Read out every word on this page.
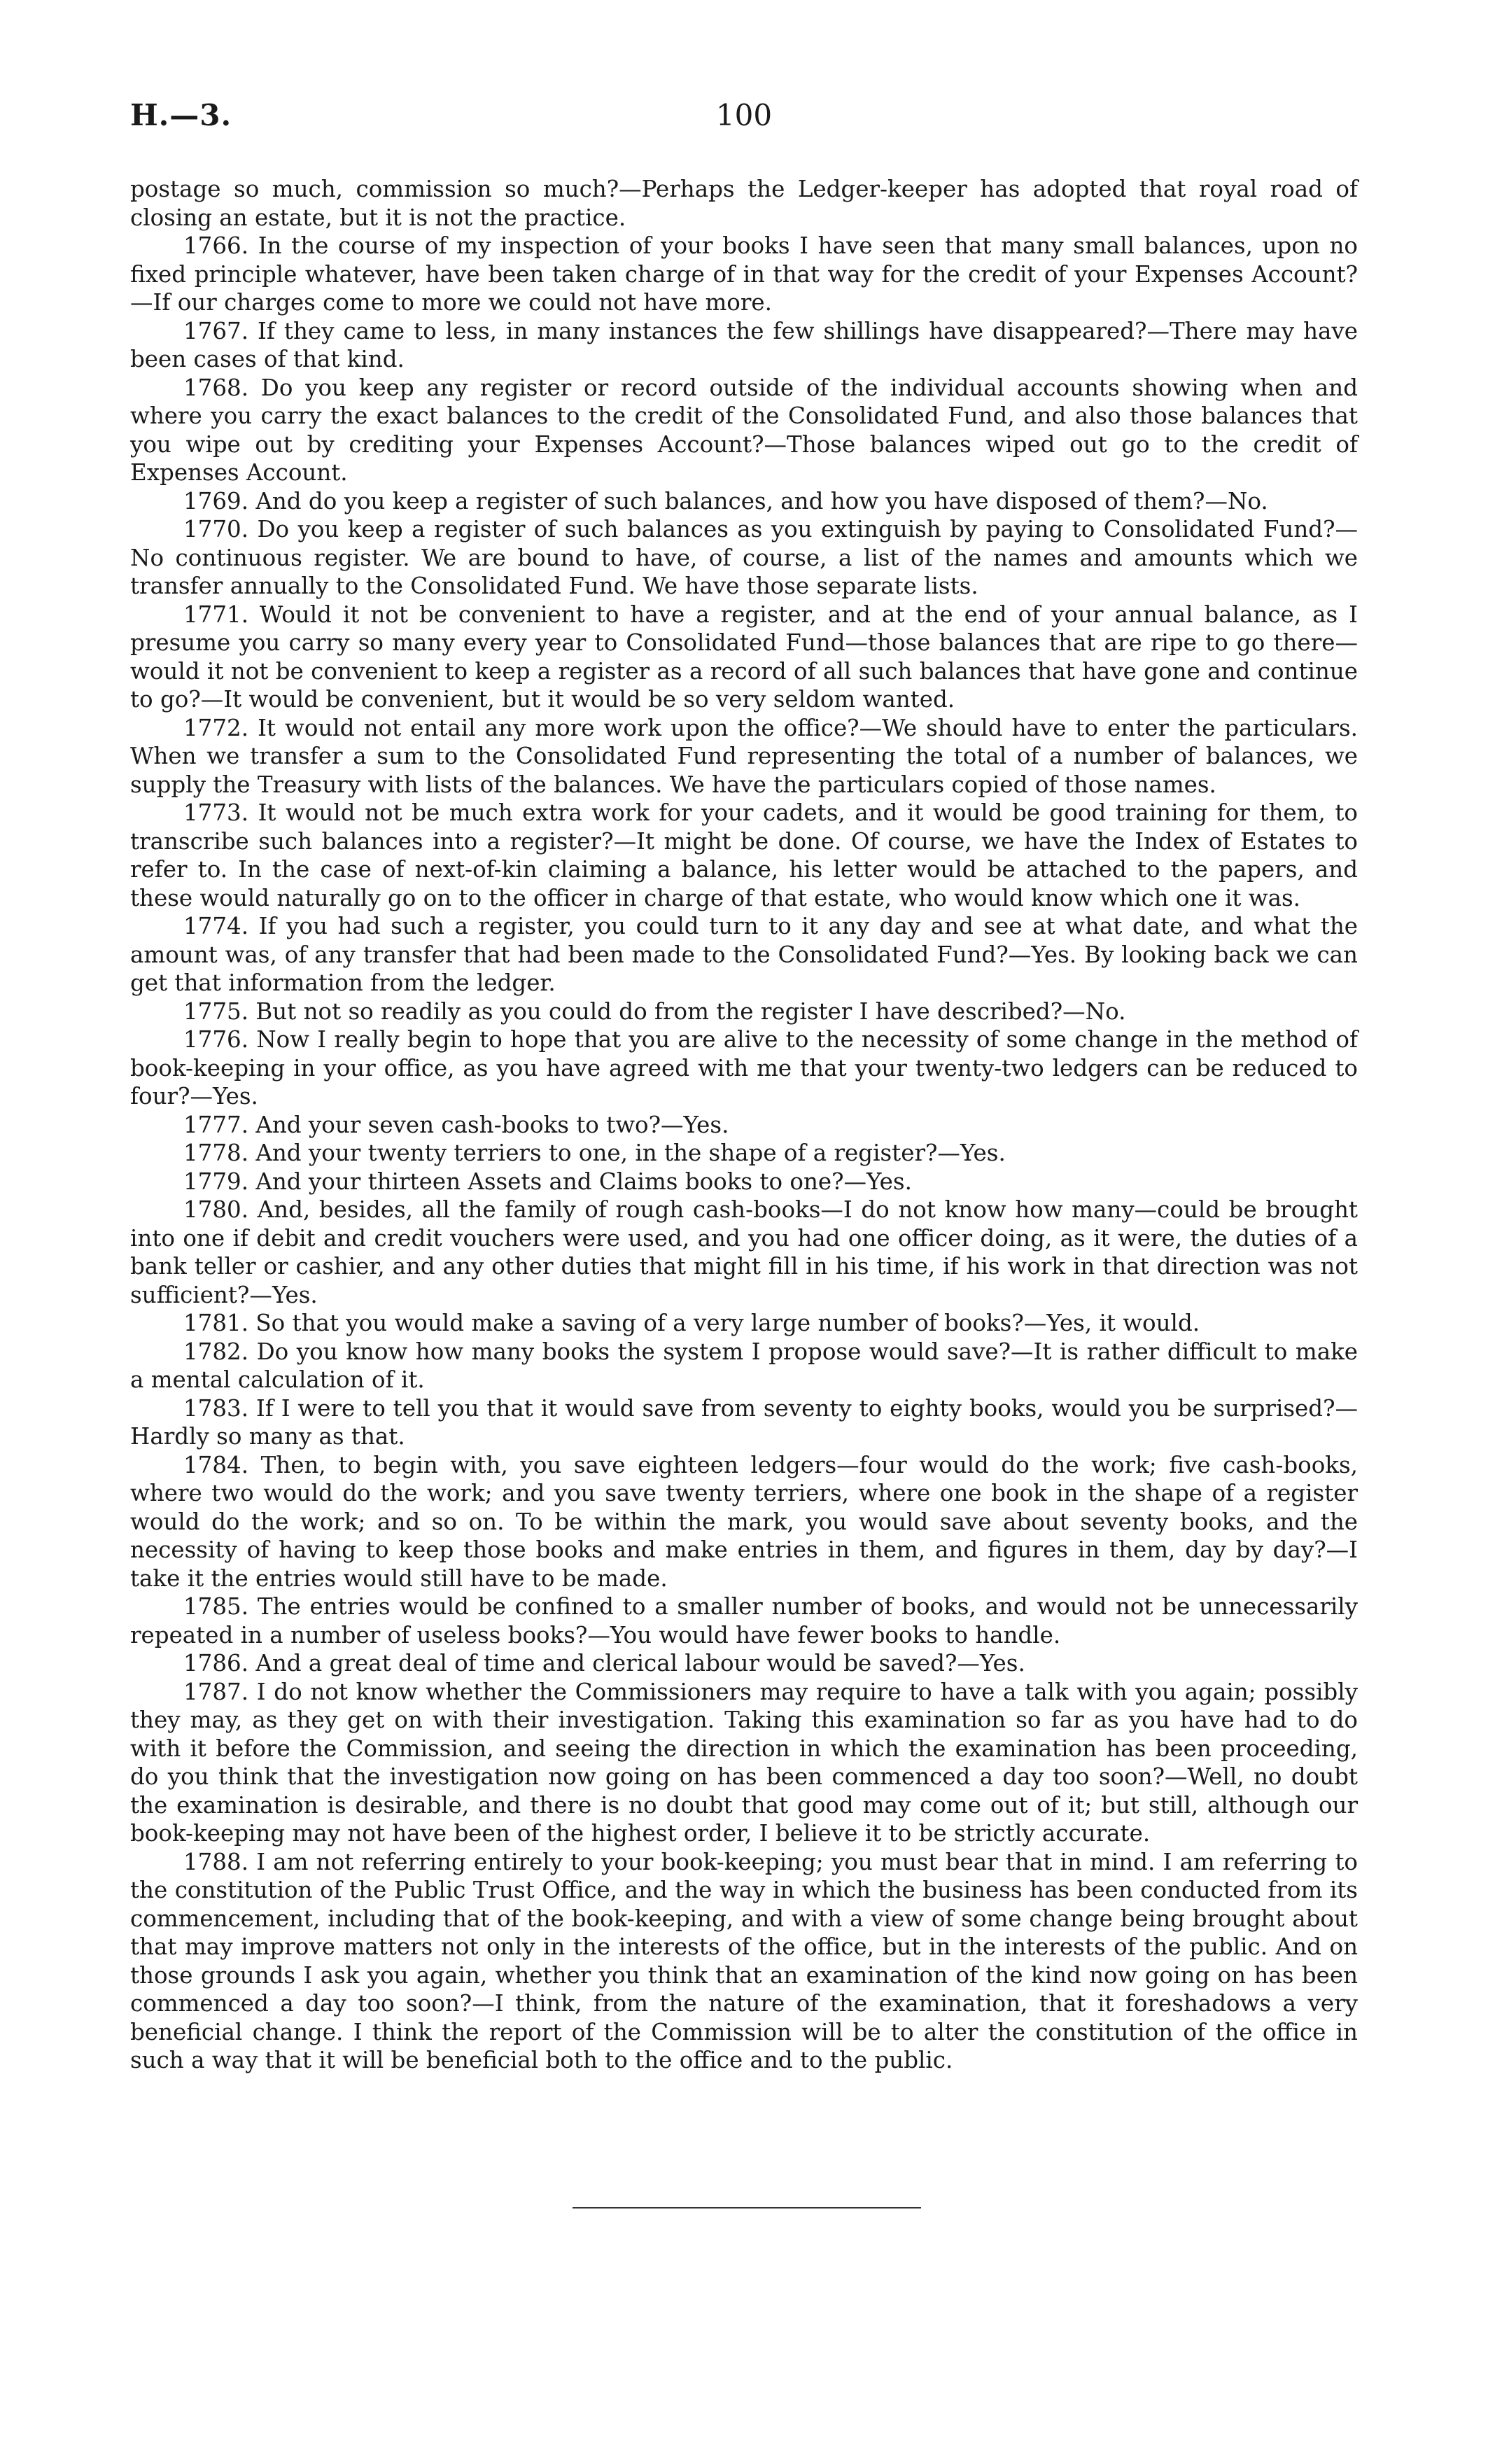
H.—3.	100

postage so much, commission so much?—Perhaps the Ledger-keeper has adopted that royal road of closing an estate, but it is not the practice.

1766. In the course of my inspection of your books I have seen that many small balances, upon no fixed principle whatever, have been taken charge of in that way for the credit of your Expenses Account?—If our charges come to more we could not have more.

1767. If they came to less, in many instances the few shillings have disappeared?—There may have been cases of that kind.

1768. Do you keep any register or record outside of the individual accounts showing when and where you carry the exact balances to the credit of the Consolidated Fund, and also those balances that you wipe out by crediting your Expenses Account?—Those balances wiped out go to the credit of Expenses Account.

1769. And do you keep a register of such balances, and how you have disposed of them?—No.

1770. Do you keep a register of such balances as you extinguish by paying to Consolidated Fund?—No continuous register. We are bound to have, of course, a list of the names and amounts which we transfer annually to the Consolidated Fund. We have those separate lists.

1771. Would it not be convenient to have a register, and at the end of your annual balance, as I presume you carry so many every year to Consolidated Fund—those balances that are ripe to go there—would it not be convenient to keep a register as a record of all such balances that have gone and continue to go?—It would be convenient, but it would be so very seldom wanted.

1772. It would not entail any more work upon the office?—We should have to enter the particulars. When we transfer a sum to the Consolidated Fund representing the total of a number of balances, we supply the Treasury with lists of the balances. We have the particulars copied of those names.

1773. It would not be much extra work for your cadets, and it would be good training for them, to transcribe such balances into a register?—It might be done. Of course, we have the Index of Estates to refer to. In the case of next-of-kin claiming a balance, his letter would be attached to the papers, and these would naturally go on to the officer in charge of that estate, who would know which one it was.

1774. If you had such a register, you could turn to it any day and see at what date, and what the amount was, of any transfer that had been made to the Consolidated Fund?—Yes. By looking back we can get that information from the ledger.

1775. But not so readily as you could do from the register I have described?—No.

1776. Now I really begin to hope that you are alive to the necessity of some change in the method of book-keeping in your office, as you have agreed with me that your twenty-two ledgers can be reduced to four?—Yes.

1777. And your seven cash-books to two?—Yes.

1778. And your twenty terriers to one, in the shape of a register?—Yes.

1779. And your thirteen Assets and Claims books to one?—Yes.

1780. And, besides, all the family of rough cash-books—I do not know how many—could be brought into one if debit and credit vouchers were used, and you had one officer doing, as it were, the duties of a bank teller or cashier, and any other duties that might fill in his time, if his work in that direction was not sufficient?—Yes.

1781. So that you would make a saving of a very large number of books?—Yes, it would.

1782. Do you know how many books the system I propose would save?—It is rather difficult to make a mental calculation of it.

1783. If I were to tell you that it would save from seventy to eighty books, would you be surprised?—Hardly so many as that.

1784. Then, to begin with, you save eighteen ledgers—four would do the work; five cash-books, where two would do the work; and you save twenty terriers, where one book in the shape of a register would do the work; and so on. To be within the mark, you would save about seventy books, and the necessity of having to keep those books and make entries in them, and figures in them, day by day?—I take it the entries would still have to be made.

1785. The entries would be confined to a smaller number of books, and would not be unnecessarily repeated in a number of useless books?—You would have fewer books to handle.

1786. And a great deal of time and clerical labour would be saved?—Yes.

1787. I do not know whether the Commissioners may require to have a talk with you again; possibly they may, as they get on with their investigation. Taking this examination so far as you have had to do with it before the Commission, and seeing the direction in which the examination has been proceeding, do you think that the investigation now going on has been commenced a day too soon?—Well, no doubt the examination is desirable, and there is no doubt that good may come out of it; but still, although our book-keeping may not have been of the highest order, I believe it to be strictly accurate.

1788. I am not referring entirely to your book-keeping; you must bear that in mind. I am referring to the constitution of the Public Trust Office, and the way in which the business has been conducted from its commencement, including that of the book-keeping, and with a view of some change being brought about that may improve matters not only in the interests of the office, but in the interests of the public. And on those grounds I ask you again, whether you think that an examination of the kind now going on has been commenced a day too soon?—I think, from the nature of the examination, that it foreshadows a very beneficial change. I think the report of the Commission will be to alter the constitution of the office in such a way that it will be beneficial both to the office and to the public.
